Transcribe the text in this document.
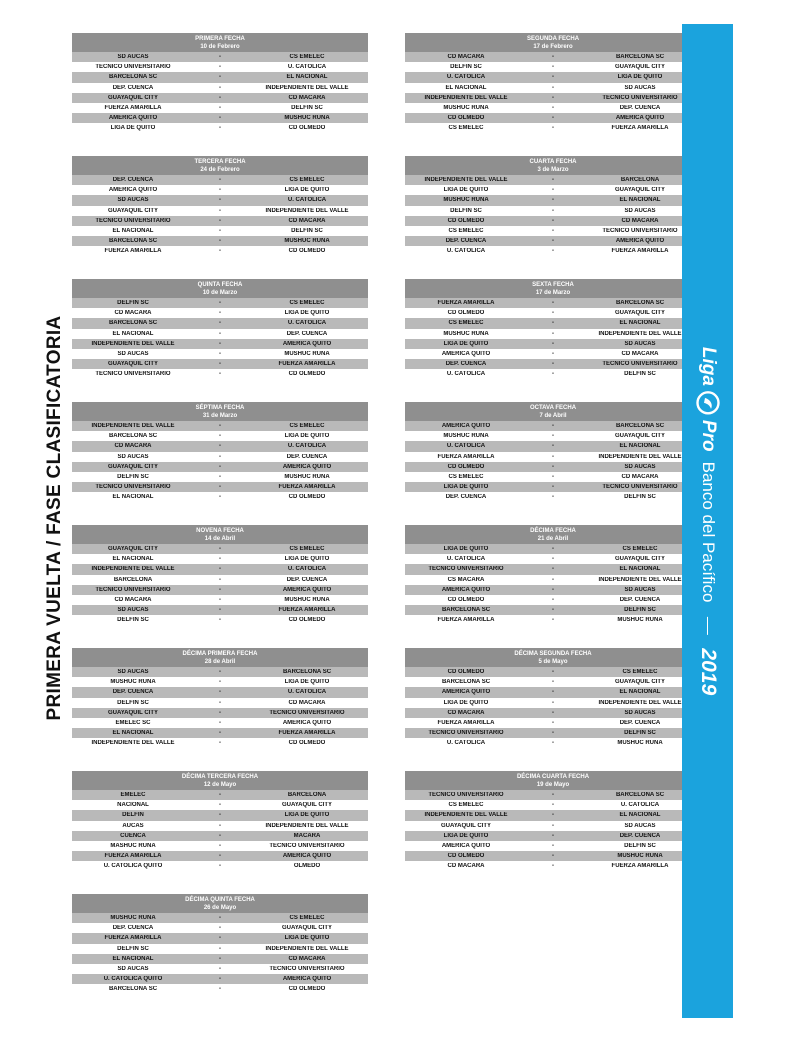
PRIMERA VUELTA / FASE CLASIFICATORIA
PRIMERA FECHA
10 de Febrero
SD AUCAS	-	CS EMELEC
TÉCNICO UNIVERSITARIO	-	U. CATÓLICA
BARCELONA SC	-	EL NACIONAL
DEP. CUENCA	-	INDEPENDIENTE DEL VALLE
GUAYAQUIL CITY	-	CD MACARÁ
FUERZA AMARILLA	-	DELFÍN SC
AMÉRICA QUITO	-	MUSHUC RUNA
LIGA DE QUITO	-	CD OLMEDO
SEGUNDA FECHA
17 de Febrero
CD MACARÁ	-	BARCELONA SC
DELFÍN SC	-	GUAYAQUIL CITY
U. CATÓLICA	-	LIGA DE QUITO
EL NACIONAL	-	SD AUCAS
INDEPENDIENTE DEL VALLE	-	TÉCNICO UNIVERSITARIO
MUSHUC RUNA	-	DEP. CUENCA
CD OLMEDO	-	AMÉRICA QUITO
CS EMELEC	-	FUERZA AMARILLA
TERCERA FECHA
24 de Febrero
DEP. CUENCA	-	CS EMELEC
AMÉRICA QUITO	-	LIGA DE QUITO
SD AUCAS	-	U. CATÓLICA
GUAYAQUIL CITY	-	INDEPENDIENTE DEL VALLE
TÉCNICO UNIVERSITARIO	-	CD MACARÁ
EL NACIONAL	-	DELFÍN SC
BARCELONA SC	-	MUSHUC RUNA
FUERZA AMARILLA	-	CD OLMEDO
CUARTA FECHA
3 de Marzo
INDEPENDIENTE DEL VALLE	-	BARCELONA
LIGA DE QUITO	-	GUAYAQUIL CITY
MUSHUC RUNA	-	EL NACIONAL
DELFÍN SC	-	SD AUCAS
CD OLMEDO	-	CD MACARÁ
CS EMELEC	-	TÉCNICO UNIVERSITARIO
DEP. CUENCA	-	AMÉRICA QUITO
U. CATÓLICA	-	FUERZA AMARILLA
QUINTA FECHA
10 de Marzo
DELFÍN SC	-	CS EMELEC
CD MACARÁ	-	LIGA DE QUITO
BARCELONA SC	-	U. CATÓLICA
EL NACIONAL	-	DEP. CUENCA
INDEPENDIENTE DEL VALLE	-	AMÉRICA QUITO
SD AUCAS	-	MUSHUC RUNA
GUAYAQUIL CITY	-	FUERZA AMARILLA
TÉCNICO UNIVERSITARIO	-	CD OLMEDO
SEXTA FECHA
17 de Marzo
FUERZA AMARILLA	-	BARCELONA SC
CD OLMEDO	-	GUAYAQUIL CITY
CS EMELEC	-	EL NACIONAL
MUSHUC RUNA	-	INDEPENDIENTE DEL VALLE
LIGA DE QUITO	-	SD AUCAS
AMÉRICA QUITO	-	CD MACARÁ
DEP. CUENCA	-	TÉCNICO UNIVERSITARIO
U. CATÓLICA	-	DELFÍN SC
SÉPTIMA FECHA
31 de Marzo
INDEPENDIENTE DEL VALLE	-	CS EMELEC
BARCELONA SC	-	LIGA DE QUITO
CD MACARÁ	-	U. CATÓLICA
SD AUCAS	-	DEP. CUENCA
GUAYAQUIL CITY	-	AMÉRICA QUITO
DELFÍN SC	-	MUSHUC RUNA
TÉCNICO UNIVERSITARIO	-	FUERZA AMARILLA
EL NACIONAL	-	CD OLMEDO
OCTAVA FECHA
7 de Abril
AMÉRICA QUITO	-	BARCELONA SC
MUSHUC RUNA	-	GUAYAQUIL CITY
U. CATÓLICA	-	EL NACIONAL
FUERZA AMARILLA	-	INDEPENDIENTE DEL VALLE
CD OLMEDO	-	SD AUCAS
CS EMELEC	-	CD MACARÁ
LIGA DE QUITO	-	TÉCNICO UNIVERSITARIO
DEP. CUENCA	-	DELFÍN SC
NOVENA FECHA
14 de Abril
GUAYAQUIL CITY	-	CS EMELEC
EL NACIONAL	-	LIGA DE QUITO
INDEPENDIENTE DEL VALLE	-	U. CATÓLICA
BARCELONA	-	DEP. CUENCA
TÉCNICO UNIVERSITARIO	-	AMÉRICA QUITO
CD MACARÁ	-	MUSHUC RUNA
SD AUCAS	-	FUERZA AMARILLA
DELFÍN SC	-	CD OLMEDO
DÉCIMA FECHA
21 de Abril
LIGA DE QUITO	-	CS EMELEC
U. CATÓLICA	-	GUAYAQUIL CITY
TÉCNICO UNIVERSITARIO	-	EL NACIONAL
CS MACARÁ	-	INDEPENDIENTE DEL VALLE
AMÉRICA QUITO	-	SD AUCAS
CD OLMEDO	-	DEP. CUENCA
BARCELONA SC	-	DELFÍN SC
FUERZA AMARILLA	-	MUSHUC RUNA
DÉCIMA PRIMERA FECHA
28 de Abril
SD AUCAS	-	BARCELONA SC
MUSHUC RUNA	-	LIGA DE QUITO
DEP. CUENCA	-	U. CATÓLICA
DELFÍN SC	-	CD MACARÁ
GUAYAQUIL CITY	-	TÉCNICO UNIVERSITARIO
EMELEC SC	-	AMÉRICA QUITO
EL NACIONAL	-	FUERZA AMARILLA
INDEPENDIENTE DEL VALLE	-	CD OLMEDO
DÉCIMA SEGUNDA FECHA
5 de Mayo
CD OLMEDO	-	CS EMELEC
BARCELONA SC	-	GUAYAQUIL CITY
AMÉRICA QUITO	-	EL NACIONAL
LIGA DE QUITO	-	INDEPENDIENTE DEL VALLE
CD MACARÁ	-	SD AUCAS
FUERZA AMARILLA	-	DEP. CUENCA
TÉCNICO UNIVERSITARIO	-	DELFÍN SC
U. CATÓLICA	-	MUSHUC RUNA
DÉCIMA TERCERA FECHA
12 de Mayo
EMELEC	-	BARCELONA
NACIONAL	-	GUAYAQUIL CITY
DELFÍN	-	LIGA DE QUITO
AUCAS	-	INDEPENDIENTE DEL VALLE
CUENCA	-	MACARÁ
MASHUC RUNA	-	TÉCNICO UNIVERSITARIO
FUERZA AMARILLA	-	AMÉRICA QUITO
U. CATÓLICA QUITO	-	OLMEDO
DÉCIMA CUARTA FECHA
19 de Mayo
TÉCNICO UNIVERSITARIO	-	BARCELONA SC
CS EMELEC	-	U. CATÓLICA
INDEPENDIENTE DEL VALLE	-	EL NACIONAL
GUAYAQUIL CITY	-	SD AUCAS
LIGA DE QUITO	-	DEP. CUENCA
AMÉRICA QUITO	-	DELFÍN SC
CD OLMEDO	-	MUSHUC RUNA
CD MACARÁ	-	FUERZA AMARILLA
DÉCIMA QUINTA FECHA
26 de Mayo
MUSHUC RUNA	-	CS EMELEC
DEP. CUENCA	-	GUAYAQUIL CITY
FUERZA AMARILLA	-	LIGA DE QUITO
DELFÍN SC	-	INDEPENDIENTE DEL VALLE
EL NACIONAL	-	CD MACARÁ
SD AUCAS	-	TÉCNICO UNIVERSITARIO
U. CATÓLICA QUITO	-	AMÉRICA QUITO
BARCELONA SC	-	CD OLMEDO
Liga
Pro
Banco del Pacífico
2019
